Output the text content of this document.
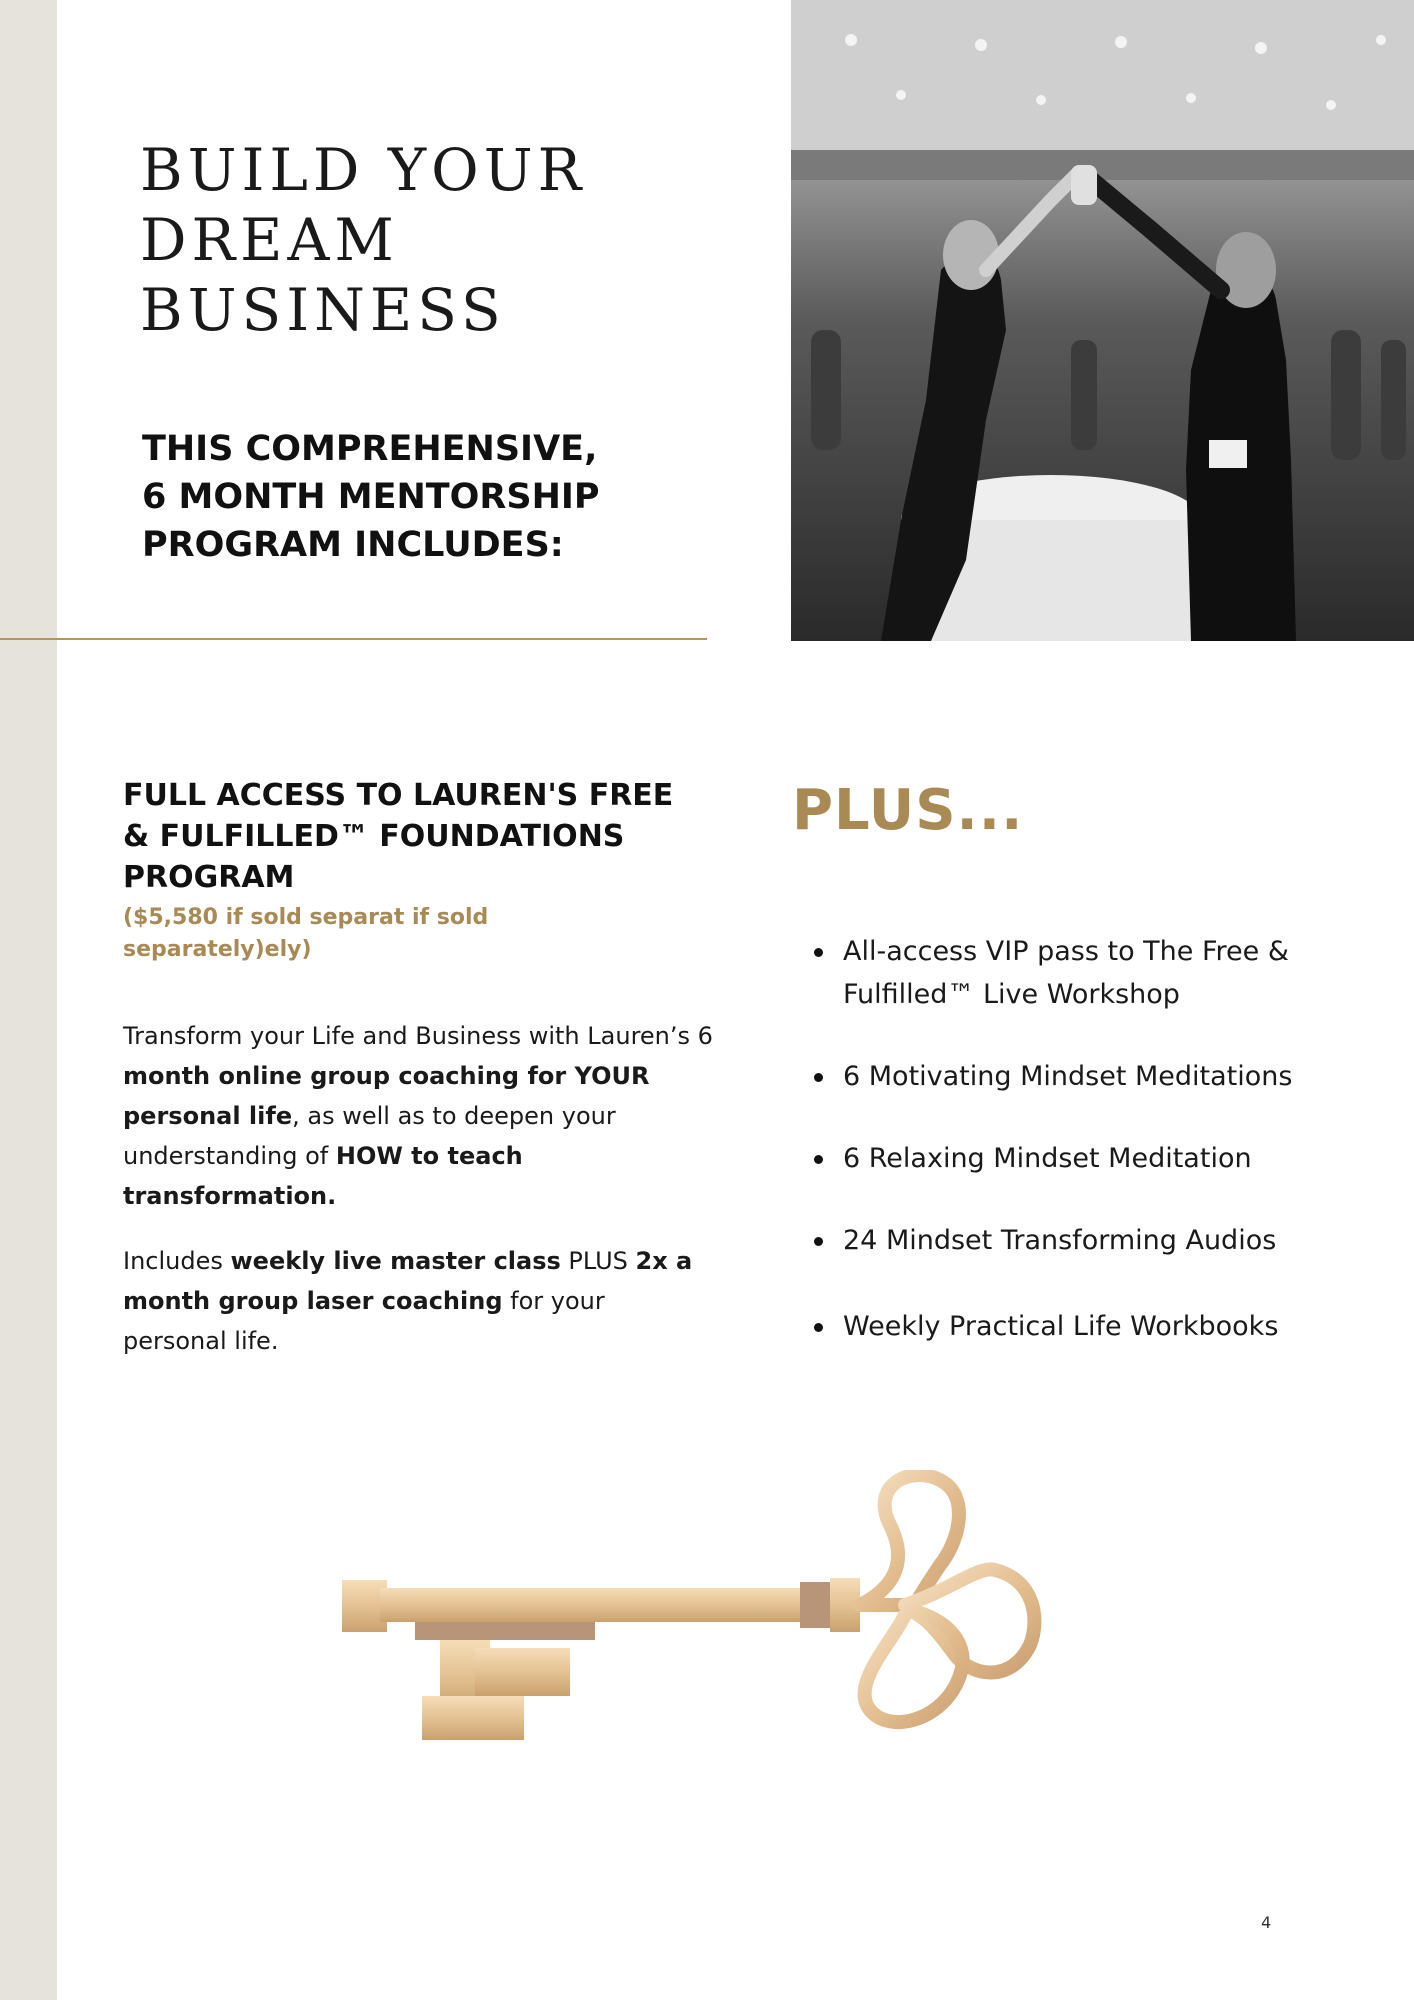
BUILD YOUR
DREAM
BUSINESS
THIS COMPREHENSIVE,
6 MONTH MENTORSHIP
PROGRAM INCLUDES:
FULL ACCESS TO LAUREN'S FREE
& FULFILLED™ FOUNDATIONS
PROGRAM
($5,580 if sold separat if sold
separately)ely)

Transform your Life and Business with Lauren’s 6 month online group coaching for YOUR personal life, as well as to deepen your understanding of HOW to teach transformation.

Includes weekly live master class PLUS 2x a month group laser coaching for your personal life.

PLUS...
All-access VIP pass to The Free & Fulfilled™ Live Workshop
6 Motivating Mindset Meditations
6 Relaxing Mindset Meditation
24 Mindset Transforming Audios
Weekly Practical Life Workbooks
4
